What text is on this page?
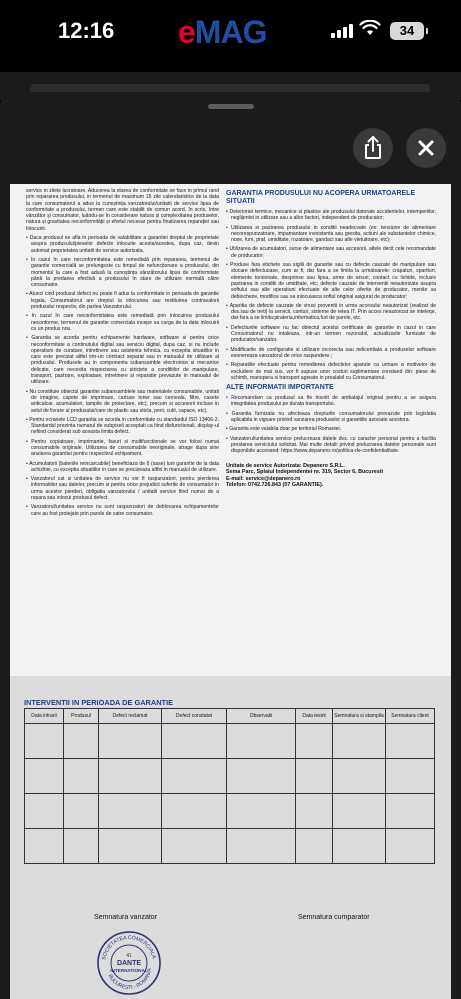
12:16 eMAG	34

service in zilele lucratoare. Aducerea la starea de conformitate se face in primul rand prin repararea produsului, in termenul de maximum 15 zile calendaristice de la data la care consumatorul a adus la cunoștința vanzatorului/unitatii de service lipsa de conformitate a produsului, termen care este stabilit de comun acord, în scris, între vânzător și consumator, luându-se în considerare natura și complexitatea produselor, natura și gravitatea neconformității și efortul necesar pentru finalizarea reparației sau înlocuirii.

• Daca produsul se afla in perioada de valabilitate a garantiei dreptul de proprietate asupra produsului/pieselor defecte inlocuite acesta/acestea, dupa caz, devin automat proprietatea unitatii de service autorizata.

• In cazul în care neconformitatea este remediată prin repararea, termenul de garantie comercială se prelungeste cu timpul de nefuncționare a produsului, din momentul la care a fost adusă la cunoștința vânzătorului lipsa de conformitate până la predarea efectivă a produsului în stare de utilizare normală către consumator.

• Atunci cind produsul defect nu poate fi adus la conformitate in perioada de garantie legala, Consumatorul are dreptul la inlocuirea sau restituirea contravalorii produsului respectiv, din partea Vanzatorului.

• In cazul în care neconformitatea este remediată prin inlocuirea produsului neconforme, termenul de garantie comerciala incepe sa curga de la data inlocuirii cu un produs nou.

• Garantia se acorda pentru echipamente hardware, software si pentru orice neconformitate a continutului digital sau serviciu digital, dupa caz, si nu include operatiuni de curatare, intretinere sau asistenta tehnica, cu exceptia situatiilor in care este precizat altfel intr-un contract separat sau in manualul de utilizare al produsului. Produsele au in componenta subansamble electronice si mecanice delicate, care necesita respectarea cu stricțete a conditiilor de manipulare, transport, pastrare, exploatare, intretinere si reparatie prevazute in manualul de utilizare.

• Nu constituie obiectul garantiei subansamblele sau materialele consumabile, unitati de imagine, capete de imprimare, cartuse toner sau cerneala, filtre, casete anticalcar, acumulatori, lampile de proiectare, etc), precum si accesorii incluse in setul de livrare al produsului/care de plastic sau sticla, perii, cutii, capace, etc).

• Pentru ecranele LCD garantia se acorda in conformitate cu standardul ISO 13406-2. Standardul prezinta numarul de subpixeli acceptati ca fiind disfunctionali, display-ul nefiind considerat sub aceasta limita defect.

• Pentru copiatoare, imprimante, faxuri si multifunctionale se vor folosi numai consumabile originale. Utilizarea de consumabile neoriginale, atrage dupa sine anularea garantiei pentru respectivul echipament.

• Acumulatorii (bateriile reincarcabile) beneficiaza de 6 (sase) luni garantie de la data achizitiei, cu exceptia situatiilor in care se precizeaza altfel in manualul de utilizare.

• Vanzatorul cat si unitatea de service nu vor fi raspunzatori, pentru pierderea informatiilor sau datelor, precum si pentru orice prejudicii suferite de consumator in urma acestor pierderi, obligatia vanzatorului / unitatii service fiind numai de a repara sau inlocui produsul defect.

• Vanzatorul/unitatea service nu sunt raspunzatori de deblocarea echipamentelor care au fost protejate prin parole de catre consumator.

GARANTIA PRODUSULUI NU ACOPERA URMATOARELE SITUATII

• Deteriorari termice, mecanice si plastice ale produsului datorate accidentelor, intemperiilor, neglijentei in utilizare sau a altor factori, independent de producator;

• Utilizarea si pastrarea produsului in conditii neadecvate (ex: tensiune de alimentare necorespunzatoare, impamantare inexistenta sau gresita, actiuni ale substantelor chimice, noxe, fum, praf, umiditate, rozatoare, gandaci sau alte vietuitoare, etc);

• Utilizarea de acumulatori, surse de alimentare sau accesorii, altele decit cele recomandate de producator;

• Produse fara etichete sau sigilii de garantie sau cu defecte cauzate de manipulare sau stocare defectuoase, cum ar fi, dar fara a se limita la urmatoarele: crapaturi, spartturi, elemente torsionate, desprinse sau lipsa, urme de arsuri, contact cu lichide, inclusiv pastrarea in conditii de umiditate, etc; defecte cauzate de interventii neautorizate asupra softului sau alte operatiuni efectuate de alte celor oferite de producator, menite sa deblocheze, modifice sau sa inlocuiasca softul original asigurat de producator;

• Aparitia de defecte cauzate de virusi proveniti in urma accesului neautorizat (realizat de dvs.sau de terti) la servicii, conturi, sisteme de retea IT. Prin acces neautorizat se inteleqe, dar fara a se limita:pirateria,informatica,furt de parole, etc.

• Defectiunile software nu fac obiectul acestui certificate de garantie in cazul in care Consumatorul nu intaleaza, intr-un termen rezonabil, actualizarile furnizate de producator/vanzator.

• Modificarile de configuratie si utilizare incorecta sau nelicentiata a produselor software exonereaza vanzatorul de orice raspundere.;

• Reparatiile efectuate pentru remedierea defectelor aparute ca urmare a motivelor de excludere de mai sus, vor fi supuse unor costuri suplimentare constand din: piese de schimb, manopera si transport agreate in prealabil cu Consumatorul.

ALTE INFORMATII IMPORTANTE

• Recomandam ca produsul sa fie insotit de ambalajul original pentru a se asigura integritatea produsului pe durata transportului.

• Garantia furnizata nu afecteaza drepturile consumatorului prevazute prin legislatia aplicabila in vigoare privind vanzarea produselor si garantiile asociate acestora.

• Garantia este valabila doar pe teritoriul Romaniei.

• Vanzatorul/unitatea service prelucreaza datele dvs. cu caracter personal pentru a facilita prestarea serviciului solicitat. Mai multe detalii privind prelucrarea datelor personale sunt disponibile accesand: https://www.depanero.ro/politica-de-confidentialitate.

Unitate de service Autorizata: Depanero S.R.L.
Sema Parc, Splaiul Independentei nr. 319, Sector 6, Bucuresti
E-mail: service@depanero.ro
Telefon: 0742.726.843 (07 GARANTIE).
INTERVENTII IN PERIOADA DE GARANTIE
Data intrarii	Produsul	Defect reclamat	Defect constatat	Observatii	Data iesirii	Semnatura si stampila	Semnatura client

Semnatura vanzator	Semnatura cumparator
SOCIETATEA COMERCIALA
BUCURESTI - ROMANIA
41
DANTE
INTERNATIONAL
